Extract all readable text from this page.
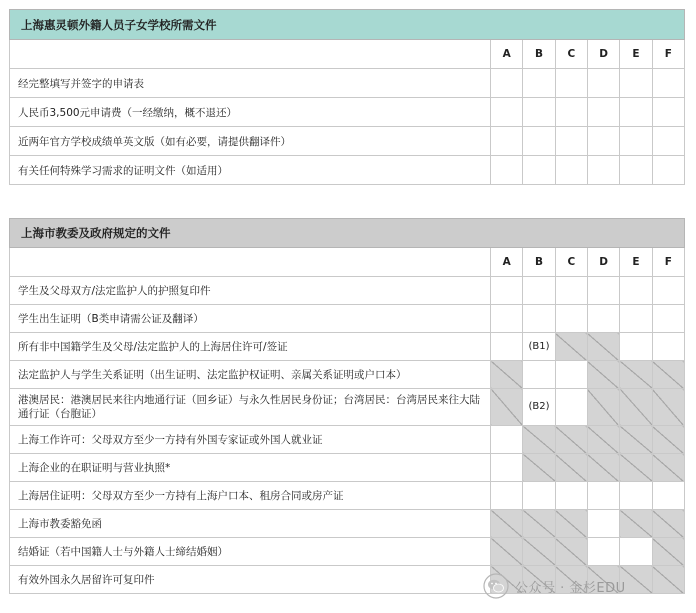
上海惠灵顿外籍人员子女学校所需文件						
	A	B	C	D	E	F
经完整填写并签字的申请表						
人民币3,500元申请费（一经缴纳，概不退还）						
近两年官方学校成绩单英文版（如有必要，请提供翻译件）						
有关任何特殊学习需求的证明文件（如适用）						
上海市教委及政府规定的文件						
	A	B	C	D	E	F
学生及父母双方/法定监护人的护照复印件						
学生出生证明（B类申请需公证及翻译）						
所有非中国籍学生及父母/法定监护人的上海居住许可/签证		(B1)				
法定监护人与学生关系证明（出生证明、法定监护权证明、亲属关系证明或户口本）						
港澳居民：港澳居民来往内地通行证（回乡证）与永久性居民身份证；台湾居民：台湾居民来往大陆通行证（台胞证）		(B2)				
上海工作许可：父母双方至少一方持有外国专家证或外国人就业证						
上海企业的在职证明与营业执照*						
上海居住证明：父母双方至少一方持有上海户口本、租房合同或房产证						
上海市教委豁免函						
结婚证（若中国籍人士与外籍人士缔结婚姻）						
有效外国永久居留许可复印件						
公众号 · 金杉EDU
